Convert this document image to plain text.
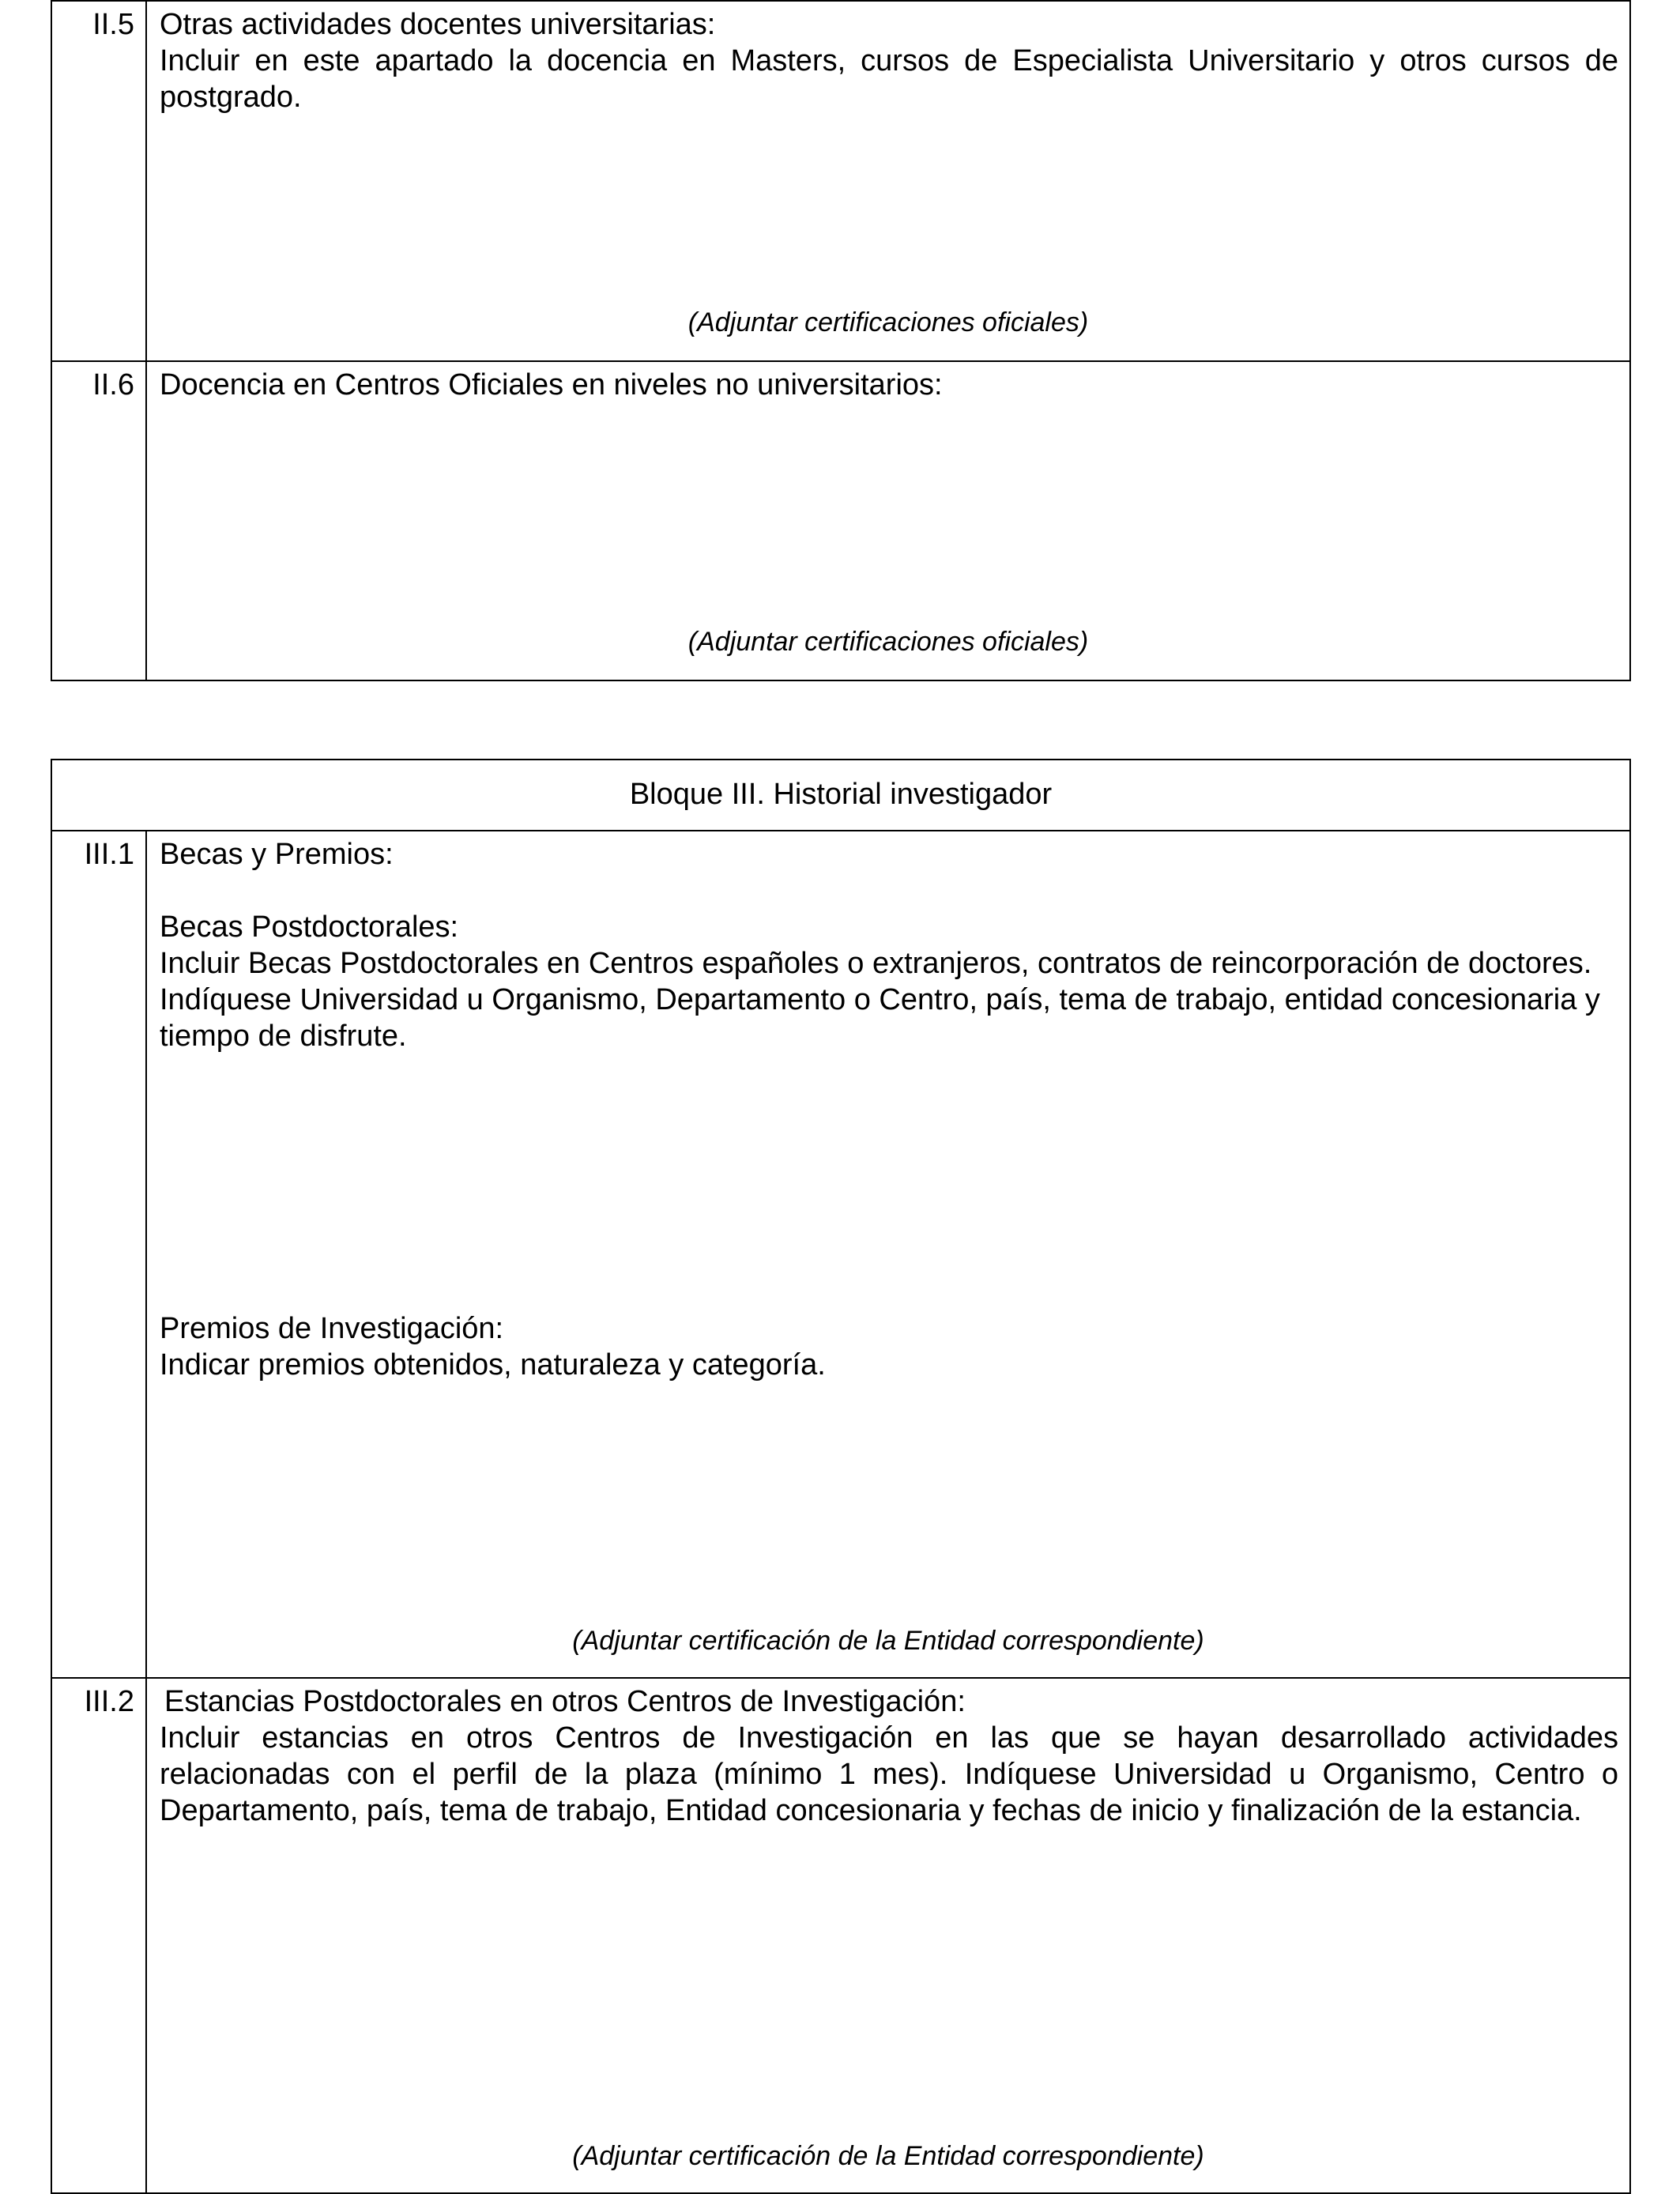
II.5 Otras actividades docentes universitarias:

Incluir en este apartado la docencia en Masters, cursos de Especialista Universitario y otros cursos de postgrado.

(Adjuntar certificaciones oficiales)
II.6 Docencia en Centros Oficiales en niveles no universitarios:

(Adjuntar certificaciones oficiales)
Bloque III. Historial investigador
III.1 Becas y Premios:

Becas Postdoctorales:

Incluir Becas Postdoctorales en Centros españoles o extranjeros, contratos de reincorporación de doctores. Indíquese Universidad u Organismo, Departamento o Centro, país, tema de trabajo, entidad concesionaria y tiempo de disfrute.

Premios de Investigación:

Indicar premios obtenidos, naturaleza y categoría.

(Adjuntar certificación de la Entidad correspondiente)
III.2	Estancias Postdoctorales en otros Centros de Investigación:

Incluir estancias en otros Centros de Investigación en las que se hayan desarrollado actividades relacionadas con el perfil de la plaza (mínimo 1 mes). Indíquese Universidad u Organismo, Centro o Departamento, país, tema de trabajo, Entidad concesionaria y fechas de inicio y finalización de la estancia.

(Adjuntar certificación de la Entidad correspondiente)
